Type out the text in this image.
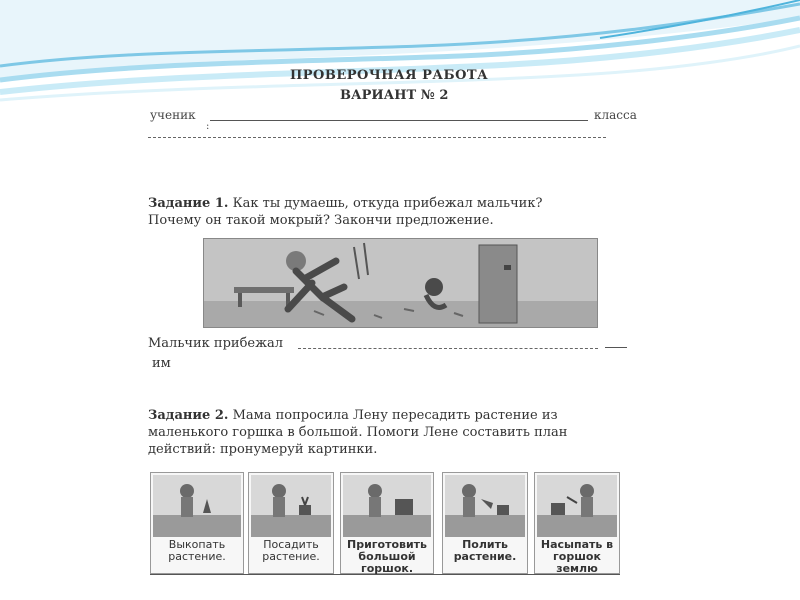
ПРОВЕРОЧНАЯ РАБОТА
ВАРИАНТ № 2
ученик	класса
:
Задание 1. Как ты думаешь, откуда прибежал мальчик?
Почему он такой мокрый? Закончи предложение.
Мальчик прибежал
им
Задание 2. Мама попросила Лену пересадить растение из
маленького горшка в большой. Помоги Лене составить план
действий: пронумеруй картинки.
Выкопать растение.
Посадить растение.
Приготовить большой горшок.
Полить растение.
Насыпать в горшок землю
